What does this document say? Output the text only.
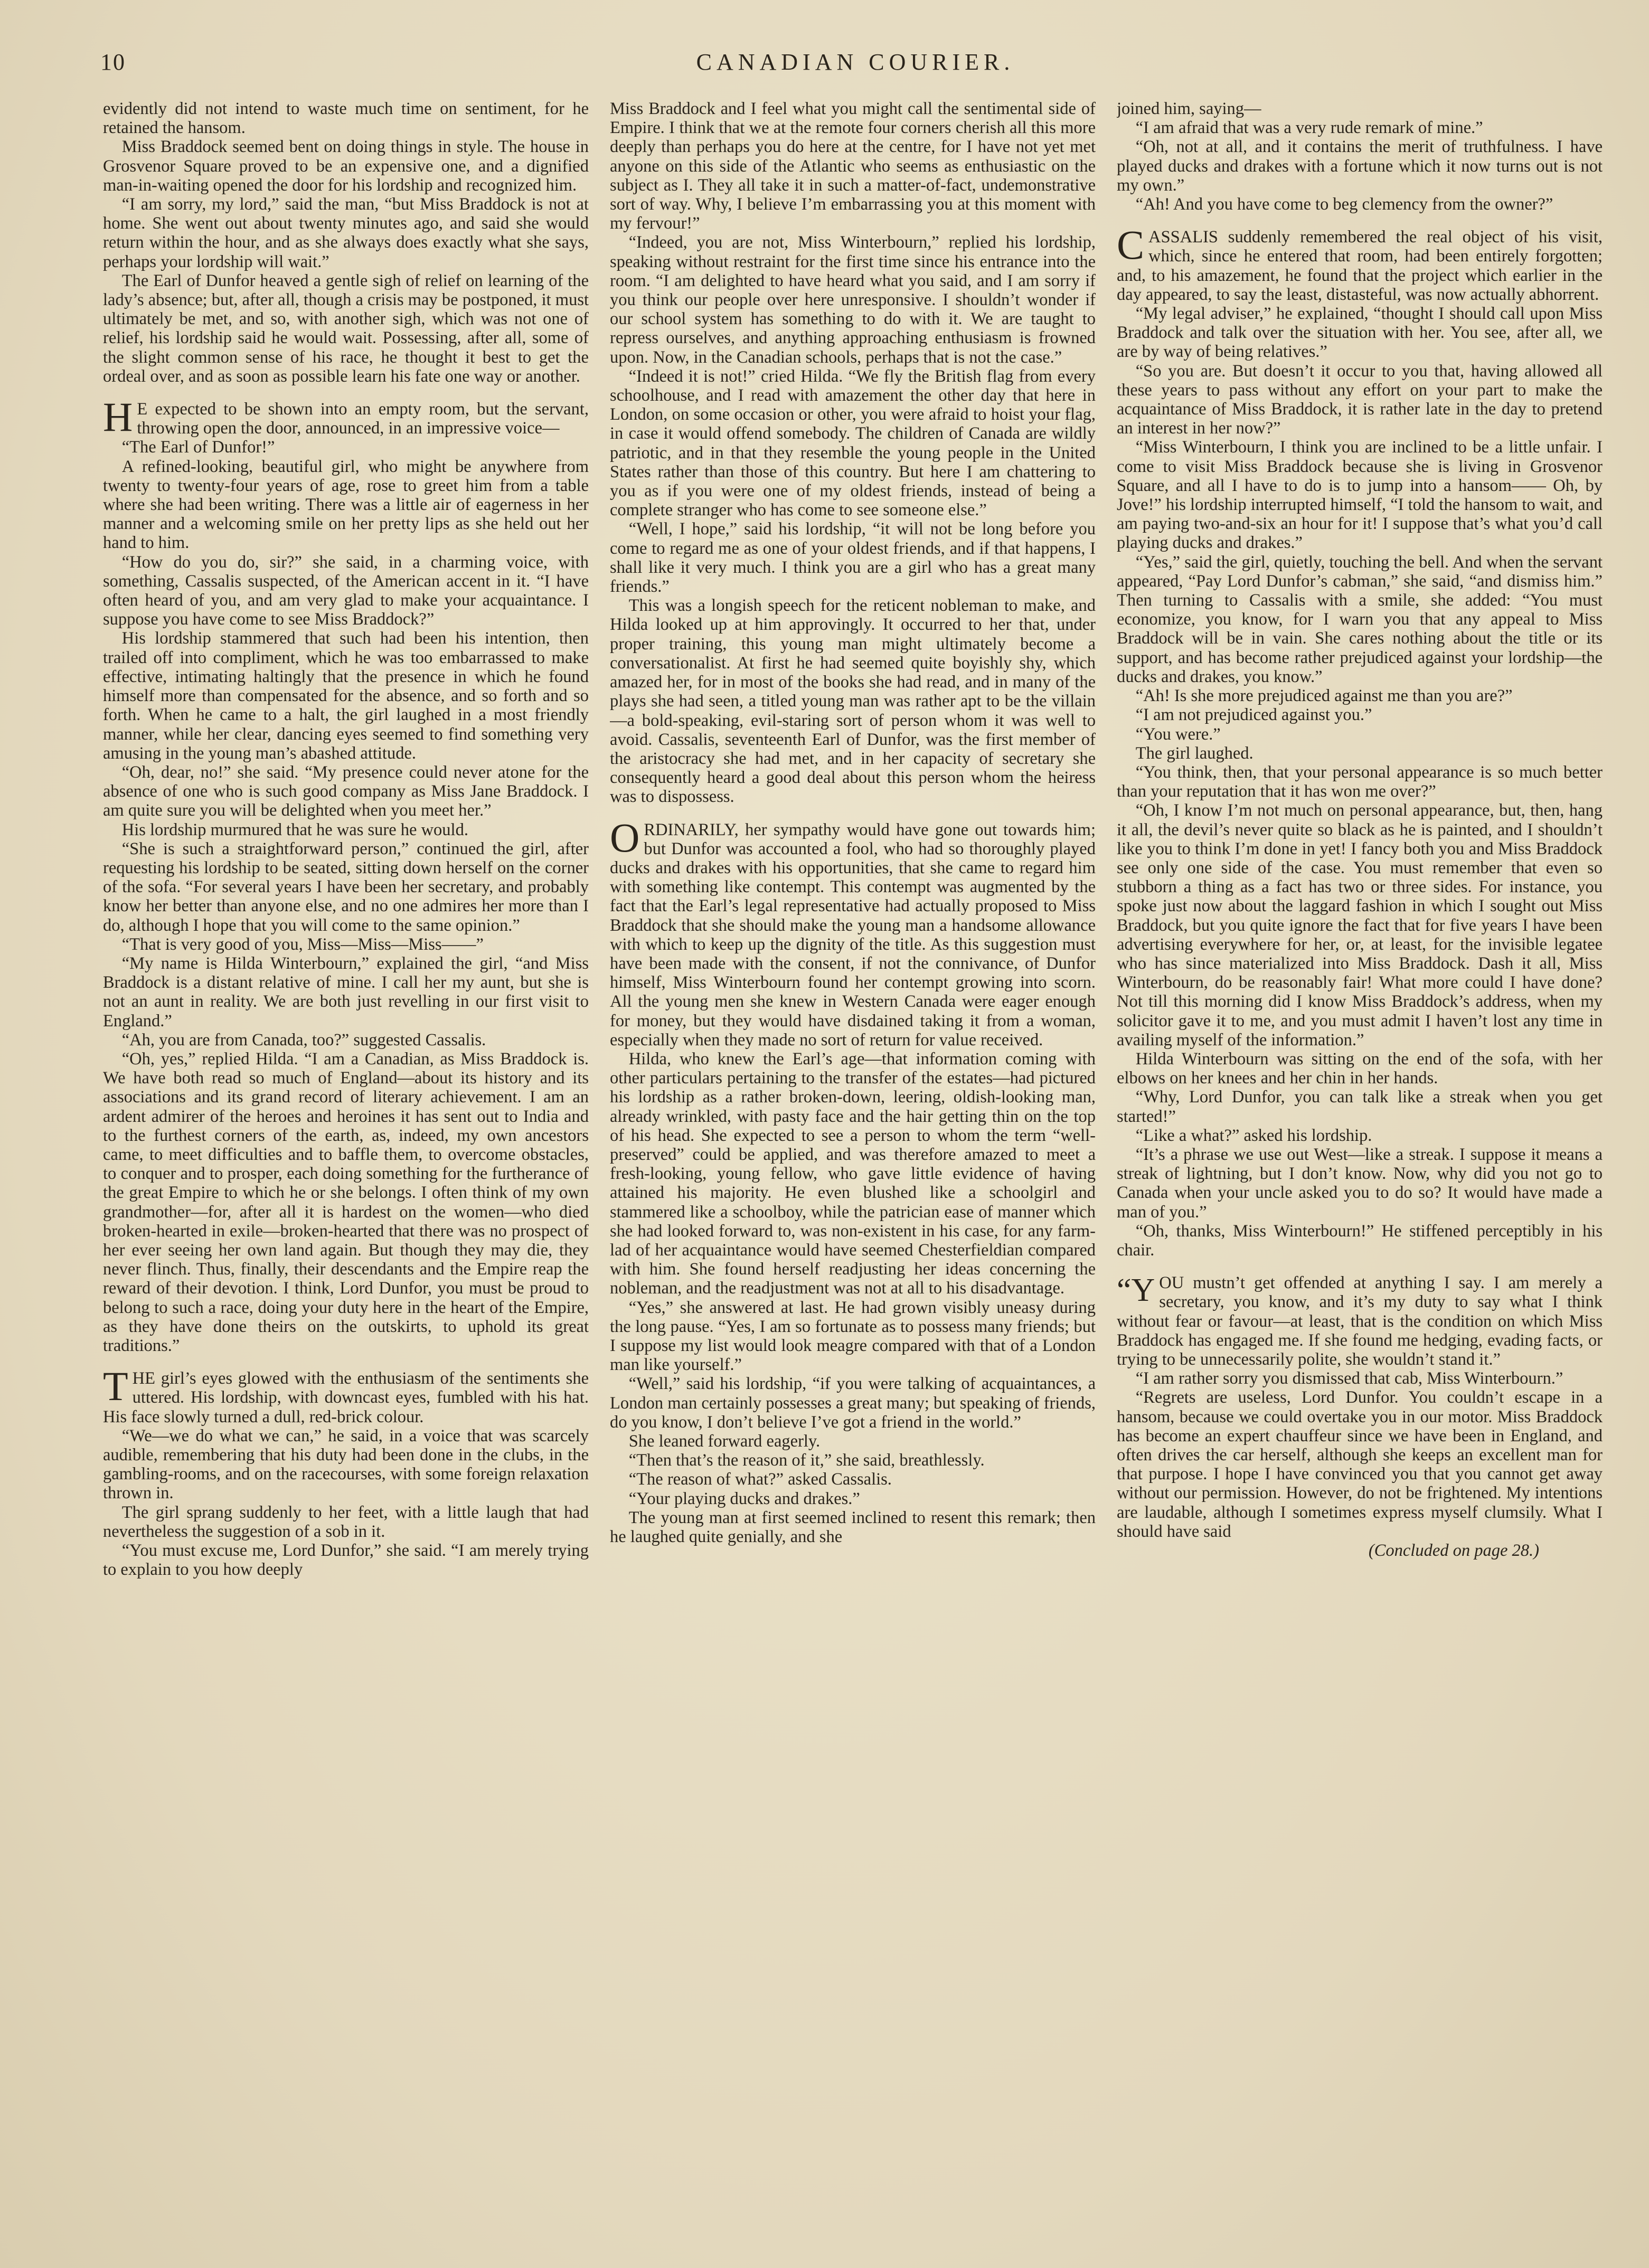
10	CANADIAN COURIER.

evidently did not intend to waste much time on sentiment, for he retained the hansom.

Miss Braddock seemed bent on doing things in style. The house in Grosvenor Square proved to be an expensive one, and a dignified man-in-waiting opened the door for his lordship and recognized him.

“I am sorry, my lord,” said the man, “but Miss Braddock is not at home. She went out about twenty minutes ago, and said she would return within the hour, and as she always does exactly what she says, perhaps your lordship will wait.”

The Earl of Dunfor heaved a gentle sigh of relief on learning of the lady’s absence; but, after all, though a crisis may be postponed, it must ultimately be met, and so, with another sigh, which was not one of relief, his lordship said he would wait. Possessing, after all, some of the slight common sense of his race, he thought it best to get the ordeal over, and as soon as possible learn his fate one way or another.

HE expected to be shown into an empty room, but the servant, throwing open the door, announced, in an impressive voice—

“The Earl of Dunfor!”

A refined-looking, beautiful girl, who might be anywhere from twenty to twenty-four years of age, rose to greet him from a table where she had been writing. There was a little air of eagerness in her manner and a welcoming smile on her pretty lips as she held out her hand to him.

“How do you do, sir?” she said, in a charming voice, with something, Cassalis suspected, of the American accent in it. “I have often heard of you, and am very glad to make your acquaintance. I suppose you have come to see Miss Braddock?”

His lordship stammered that such had been his intention, then trailed off into compliment, which he was too embarrassed to make effective, intimating haltingly that the presence in which he found himself more than compensated for the absence, and so forth and so forth. When he came to a halt, the girl laughed in a most friendly manner, while her clear, dancing eyes seemed to find something very amusing in the young man’s abashed attitude.

“Oh, dear, no!” she said. “My presence could never atone for the absence of one who is such good company as Miss Jane Braddock. I am quite sure you will be delighted when you meet her.”

His lordship murmured that he was sure he would.

“She is such a straightforward person,” continued the girl, after requesting his lordship to be seated, sitting down herself on the corner of the sofa. “For several years I have been her secretary, and probably know her better than anyone else, and no one admires her more than I do, although I hope that you will come to the same opinion.”

“That is very good of you, Miss—Miss—Miss——”

“My name is Hilda Winterbourn,” explained the girl, “and Miss Braddock is a distant relative of mine. I call her my aunt, but she is not an aunt in reality. We are both just revelling in our first visit to England.”

“Ah, you are from Canada, too?” suggested Cassalis.

“Oh, yes,” replied Hilda. “I am a Canadian, as Miss Braddock is. We have both read so much of England—about its history and its associations and its grand record of literary achievement. I am an ardent admirer of the heroes and heroines it has sent out to India and to the furthest corners of the earth, as, indeed, my own ancestors came, to meet difficulties and to baffle them, to overcome obstacles, to conquer and to prosper, each doing something for the furtherance of the great Empire to which he or she belongs. I often think of my own grandmother—for, after all it is hardest on the women—who died broken-hearted in exile—broken-hearted that there was no prospect of her ever seeing her own land again. But though they may die, they never flinch. Thus, finally, their descendants and the Empire reap the reward of their devotion. I think, Lord Dunfor, you must be proud to belong to such a race, doing your duty here in the heart of the Empire, as they have done theirs on the outskirts, to uphold its great traditions.”

THE girl’s eyes glowed with the enthusiasm of the sentiments she uttered. His lordship, with downcast eyes, fumbled with his hat. His face slowly turned a dull, red-brick colour.

“We—we do what we can,” he said, in a voice that was scarcely audible, remembering that his duty had been done in the clubs, in the gambling-rooms, and on the racecourses, with some foreign relaxation thrown in.

The girl sprang suddenly to her feet, with a little laugh that had nevertheless the suggestion of a sob in it.

“You must excuse me, Lord Dunfor,” she said. “I am merely trying to explain to you how deeply

Miss Braddock and I feel what you might call the sentimental side of Empire. I think that we at the remote four corners cherish all this more deeply than perhaps you do here at the centre, for I have not yet met anyone on this side of the Atlantic who seems as enthusiastic on the subject as I. They all take it in such a matter-of-fact, undemonstrative sort of way. Why, I believe I’m embarrassing you at this moment with my fervour!”

“Indeed, you are not, Miss Winterbourn,” replied his lordship, speaking without restraint for the first time since his entrance into the room. “I am delighted to have heard what you said, and I am sorry if you think our people over here unresponsive. I shouldn’t wonder if our school system has something to do with it. We are taught to repress ourselves, and anything approaching enthusiasm is frowned upon. Now, in the Canadian schools, perhaps that is not the case.”

“Indeed it is not!” cried Hilda. “We fly the British flag from every schoolhouse, and I read with amazement the other day that here in London, on some occasion or other, you were afraid to hoist your flag, in case it would offend somebody. The children of Canada are wildly patriotic, and in that they resemble the young people in the United States rather than those of this country. But here I am chattering to you as if you were one of my oldest friends, instead of being a complete stranger who has come to see someone else.”

“Well, I hope,” said his lordship, “it will not be long before you come to regard me as one of your oldest friends, and if that happens, I shall like it very much. I think you are a girl who has a great many friends.”

This was a longish speech for the reticent nobleman to make, and Hilda looked up at him approvingly. It occurred to her that, under proper training, this young man might ultimately become a conversationalist. At first he had seemed quite boyishly shy, which amazed her, for in most of the books she had read, and in many of the plays she had seen, a titled young man was rather apt to be the villain—a bold-speaking, evil-staring sort of person whom it was well to avoid. Cassalis, seventeenth Earl of Dunfor, was the first member of the aristocracy she had met, and in her capacity of secretary she consequently heard a good deal about this person whom the heiress was to dispossess.

ORDINARILY, her sympathy would have gone out towards him; but Dunfor was accounted a fool, who had so thoroughly played ducks and drakes with his opportunities, that she came to regard him with something like contempt. This contempt was augmented by the fact that the Earl’s legal representative had actually proposed to Miss Braddock that she should make the young man a handsome allowance with which to keep up the dignity of the title. As this suggestion must have been made with the consent, if not the connivance, of Dunfor himself, Miss Winterbourn found her contempt growing into scorn. All the young men she knew in Western Canada were eager enough for money, but they would have disdained taking it from a woman, especially when they made no sort of return for value received.

Hilda, who knew the Earl’s age—that information coming with other particulars pertaining to the transfer of the estates—had pictured his lordship as a rather broken-down, leering, oldish-looking man, already wrinkled, with pasty face and the hair getting thin on the top of his head. She expected to see a person to whom the term “well-preserved” could be applied, and was therefore amazed to meet a fresh-looking, young fellow, who gave little evidence of having attained his majority. He even blushed like a schoolgirl and stammered like a schoolboy, while the patrician ease of manner which she had looked forward to, was non-existent in his case, for any farm-lad of her acquaintance would have seemed Chesterfieldian compared with him. She found herself readjusting her ideas concerning the nobleman, and the readjustment was not at all to his disadvantage.

“Yes,” she answered at last. He had grown visibly uneasy during the long pause. “Yes, I am so fortunate as to possess many friends; but I suppose my list would look meagre compared with that of a London man like yourself.”

“Well,” said his lordship, “if you were talking of acquaintances, a London man certainly possesses a great many; but speaking of friends, do you know, I don’t believe I’ve got a friend in the world.”

She leaned forward eagerly.

“Then that’s the reason of it,” she said, breathlessly.

“The reason of what?” asked Cassalis.

“Your playing ducks and drakes.”

The young man at first seemed inclined to resent this remark; then he laughed quite genially, and she

joined him, saying—

“I am afraid that was a very rude remark of mine.”

“Oh, not at all, and it contains the merit of truthfulness. I have played ducks and drakes with a fortune which it now turns out is not my own.”

“Ah! And you have come to beg clemency from the owner?”

CASSALIS suddenly remembered the real object of his visit, which, since he entered that room, had been entirely forgotten; and, to his amazement, he found that the project which earlier in the day appeared, to say the least, distasteful, was now actually abhorrent.

“My legal adviser,” he explained, “thought I should call upon Miss Braddock and talk over the situation with her. You see, after all, we are by way of being relatives.”

“So you are. But doesn’t it occur to you that, having allowed all these years to pass without any effort on your part to make the acquaintance of Miss Braddock, it is rather late in the day to pretend an interest in her now?”

“Miss Winterbourn, I think you are inclined to be a little unfair. I come to visit Miss Braddock because she is living in Grosvenor Square, and all I have to do is to jump into a hansom—— Oh, by Jove!” his lordship interrupted himself, “I told the hansom to wait, and am paying two-and-six an hour for it! I suppose that’s what you’d call playing ducks and drakes.”

“Yes,” said the girl, quietly, touching the bell. And when the servant appeared, “Pay Lord Dunfor’s cabman,” she said, “and dismiss him.” Then turning to Cassalis with a smile, she added: “You must economize, you know, for I warn you that any appeal to Miss Braddock will be in vain. She cares nothing about the title or its support, and has become rather prejudiced against your lordship—the ducks and drakes, you know.”

“Ah! Is she more prejudiced against me than you are?”

“I am not prejudiced against you.”

“You were.”

The girl laughed.

“You think, then, that your personal appearance is so much better than your reputation that it has won me over?”

“Oh, I know I’m not much on personal appearance, but, then, hang it all, the devil’s never quite so black as he is painted, and I shouldn’t like you to think I’m done in yet! I fancy both you and Miss Braddock see only one side of the case. You must remember that even so stubborn a thing as a fact has two or three sides. For instance, you spoke just now about the laggard fashion in which I sought out Miss Braddock, but you quite ignore the fact that for five years I have been advertising everywhere for her, or, at least, for the invisible legatee who has since materialized into Miss Braddock. Dash it all, Miss Winterbourn, do be reasonably fair! What more could I have done? Not till this morning did I know Miss Braddock’s address, when my solicitor gave it to me, and you must admit I haven’t lost any time in availing myself of the information.”

Hilda Winterbourn was sitting on the end of the sofa, with her elbows on her knees and her chin in her hands.

“Why, Lord Dunfor, you can talk like a streak when you get started!”

“Like a what?” asked his lordship.

“It’s a phrase we use out West—like a streak. I suppose it means a streak of lightning, but I don’t know. Now, why did you not go to Canada when your uncle asked you to do so? It would have made a man of you.”

“Oh, thanks, Miss Winterbourn!” He stiffened perceptibly in his chair.

“YOU mustn’t get offended at anything I say. I am merely a secretary, you know, and it’s my duty to say what I think without fear or favour—at least, that is the condition on which Miss Braddock has engaged me. If she found me hedging, evading facts, or trying to be unnecessarily polite, she wouldn’t stand it.”

“I am rather sorry you dismissed that cab, Miss Winterbourn.”

“Regrets are useless, Lord Dunfor. You couldn’t escape in a hansom, because we could overtake you in our motor. Miss Braddock has become an expert chauffeur since we have been in England, and often drives the car herself, although she keeps an excellent man for that purpose. I hope I have convinced you that you cannot get away without our permission. However, do not be frightened. My intentions are laudable, although I sometimes express myself clumsily. What I should have said

(Concluded on page 28.)
